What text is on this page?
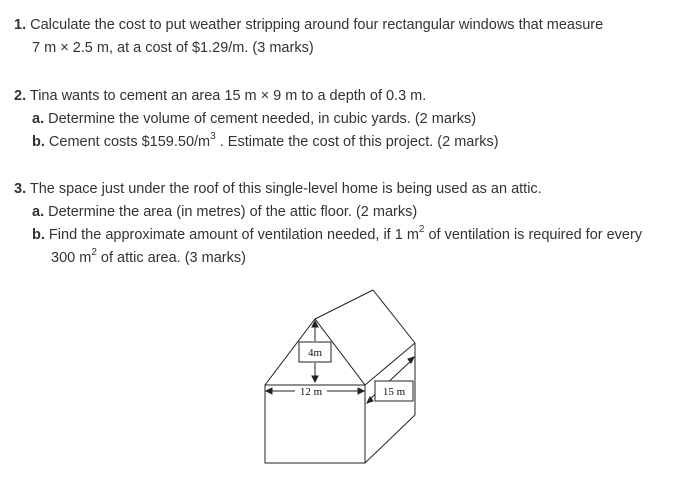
1. Calculate the cost to put weather stripping around four rectangular windows that measure
7 m × 2.5 m, at a cost of $1.29/m. (3 marks)
2. Tina wants to cement an area 15 m × 9 m to a depth of 0.3 m.
a. Determine the volume of cement needed, in cubic yards. (2 marks)
b. Cement costs $\$159.50/m^3$ . Estimate the cost of this project. (2 marks)
3. The space just under the roof of this single-level home is being used as an attic.
a. Determine the area (in metres) of the attic floor. (2 marks)
b. Find the approximate amount of ventilation needed, if 1 $m^2$ of ventilation is required for every
300 $m^2$ of attic area. (3 marks)
4m
12 m	15 m
